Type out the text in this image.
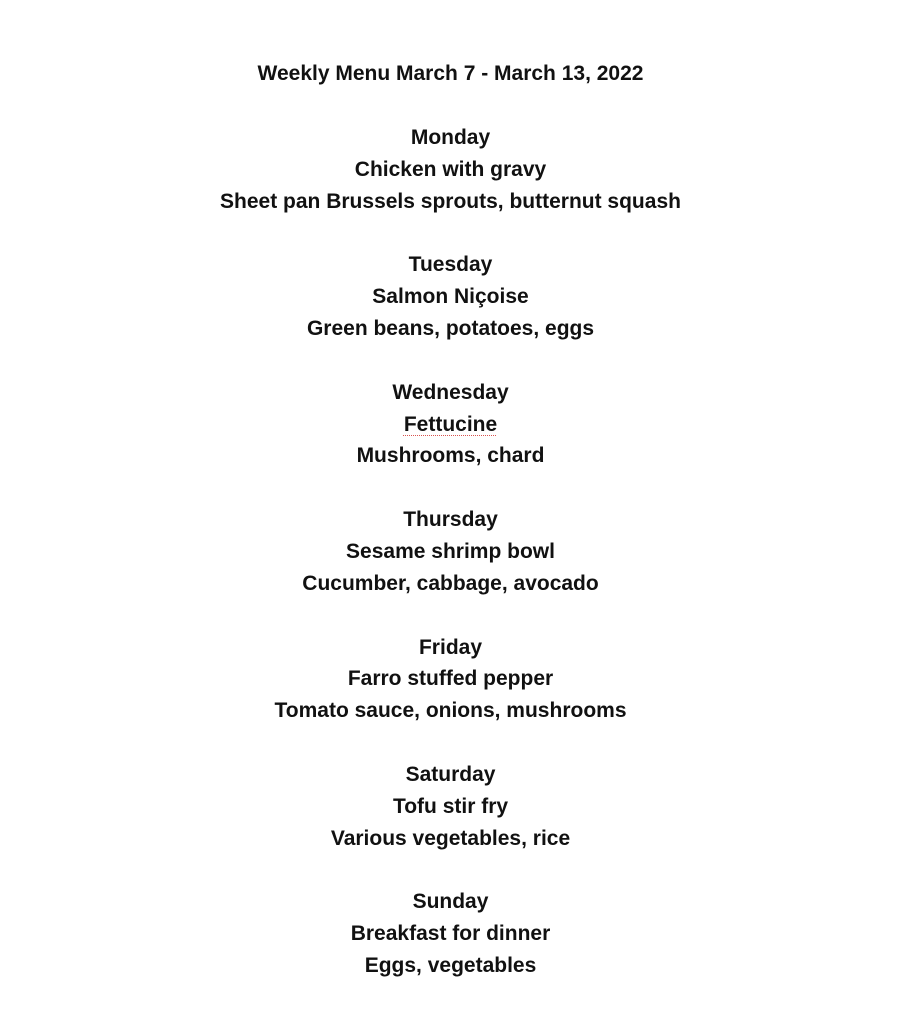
Weekly Menu March 7 - March 13, 2022
Monday
Chicken with gravy
Sheet pan Brussels sprouts, butternut squash
Tuesday
Salmon Niçoise
Green beans, potatoes, eggs
Wednesday
Fettucine
Mushrooms, chard
Thursday
Sesame shrimp bowl
Cucumber, cabbage, avocado
Friday
Farro stuffed pepper
Tomato sauce, onions, mushrooms
Saturday
Tofu stir fry
Various vegetables, rice
Sunday
Breakfast for dinner
Eggs, vegetables
